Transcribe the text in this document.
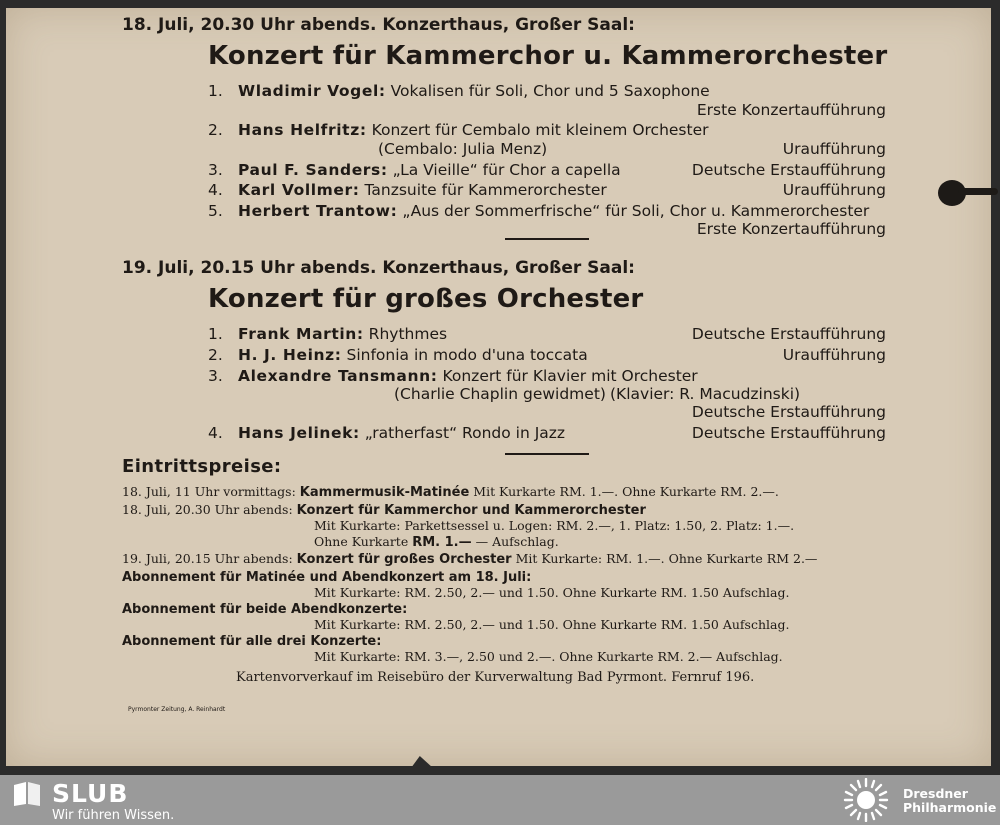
18. Juli, 20.30 Uhr abends. Konzerthaus, Großer Saal:
Konzert für Kammerchor u. Kammerorchester
1. Wladimir Vogel: Vokalisen für Soli, Chor und 5 Saxophone
Erste Konzertaufführung
2. Hans Helfritz: Konzert für Cembalo mit kleinem Orchester
(Cembalo: Julia Menz)	Uraufführung
3. Paul F. Sanders: „La Vieille“ für Chor a capella	Deutsche Erstaufführung
4. Karl Vollmer: Tanzsuite für Kammerorchester	Uraufführung
5. Herbert Trantow: „Aus der Sommerfrische“ für Soli, Chor u. Kammerorchester
Erste Konzertaufführung
19. Juli, 20.15 Uhr abends. Konzerthaus, Großer Saal:
Konzert für großes Orchester
1. Frank Martin: Rhythmes	Deutsche Erstaufführung
2. H. J. Heinz: Sinfonia in modo d'una toccata	Uraufführung
3. Alexandre Tansmann: Konzert für Klavier mit Orchester
(Charlie Chaplin gewidmet) (Klavier: R. Macudzinski)
Deutsche Erstaufführung
4. Hans Jelinek: „ratherfast“ Rondo in Jazz	Deutsche Erstaufführung
Eintrittspreise:
18. Juli, 11 Uhr vormittags: Kammermusik-Matinée Mit Kurkarte RM. 1.—. Ohne Kurkarte RM. 2.—.
18. Juli, 20.30 Uhr abends: Konzert für Kammerchor und Kammerorchester
Mit Kurkarte: Parkettsessel u. Logen: RM. 2.—, 1. Platz: 1.50, 2. Platz: 1.—.
Ohne Kurkarte RM. 1.— — Aufschlag.
19. Juli, 20.15 Uhr abends: Konzert für großes Orchester Mit Kurkarte: RM. 1.—. Ohne Kurkarte RM 2.—
Abonnement für Matinée und Abendkonzert am 18. Juli:
Mit Kurkarte: RM. 2.50, 2.— und 1.50. Ohne Kurkarte RM. 1.50 Aufschlag.
Abonnement für beide Abendkonzerte:
Mit Kurkarte: RM. 2.50, 2.— und 1.50. Ohne Kurkarte RM. 1.50 Aufschlag.
Abonnement für alle drei Konzerte:
Mit Kurkarte: RM. 3.—, 2.50 und 2.—. Ohne Kurkarte RM. 2.— Aufschlag.
Kartenvorverkauf im Reisebüro der Kurverwaltung Bad Pyrmont. Fernruf 196.
Pyrmonter Zeitung, A. Reinhardt
SLUB
Wir führen Wissen.
Dresdner
Philharmonie
